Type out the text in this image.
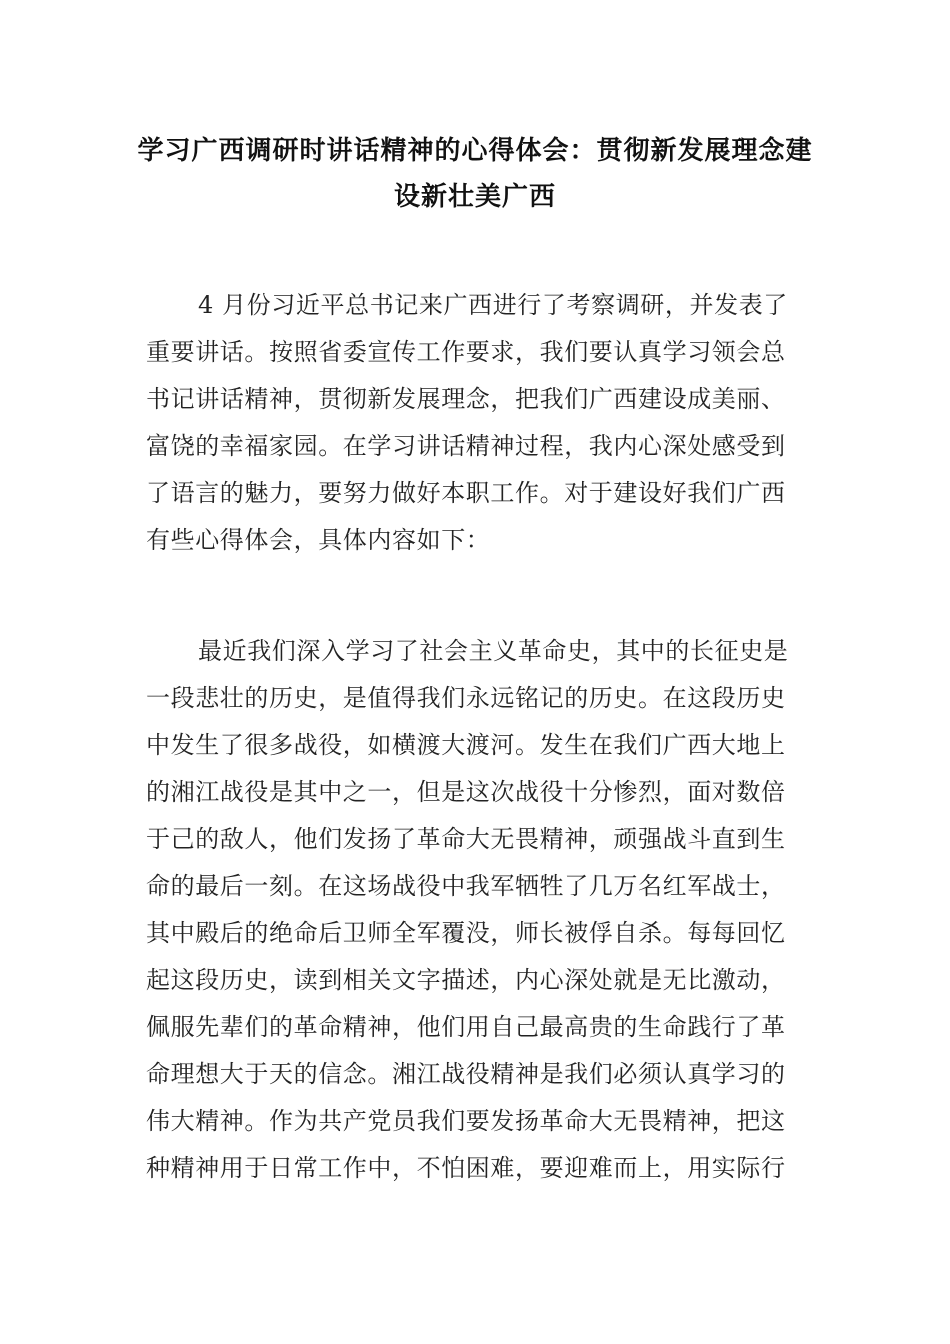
学习广西调研时讲话精神的心得体会：贯彻新发展理念建
设新壮美广西
4 月份习近平总书记来广西进行了考察调研，并发表了
重要讲话。按照省委宣传工作要求，我们要认真学习领会总
书记讲话精神，贯彻新发展理念，把我们广西建设成美丽、
富饶的幸福家园。在学习讲话精神过程，我内心深处感受到
了语言的魅力，要努力做好本职工作。对于建设好我们广西
有些心得体会，具体内容如下：
最近我们深入学习了社会主义革命史，其中的长征史是
一段悲壮的历史，是值得我们永远铭记的历史。在这段历史
中发生了很多战役，如横渡大渡河。发生在我们广西大地上
的湘江战役是其中之一，但是这次战役十分惨烈，面对数倍
于己的敌人，他们发扬了革命大无畏精神，顽强战斗直到生
命的最后一刻。在这场战役中我军牺牲了几万名红军战士，
其中殿后的绝命后卫师全军覆没，师长被俘自杀。每每回忆
起这段历史，读到相关文字描述，内心深处就是无比激动，
佩服先辈们的革命精神，他们用自己最高贵的生命践行了革
命理想大于天的信念。湘江战役精神是我们必须认真学习的
伟大精神。作为共产党员我们要发扬革命大无畏精神，把这
种精神用于日常工作中，不怕困难，要迎难而上，用实际行
